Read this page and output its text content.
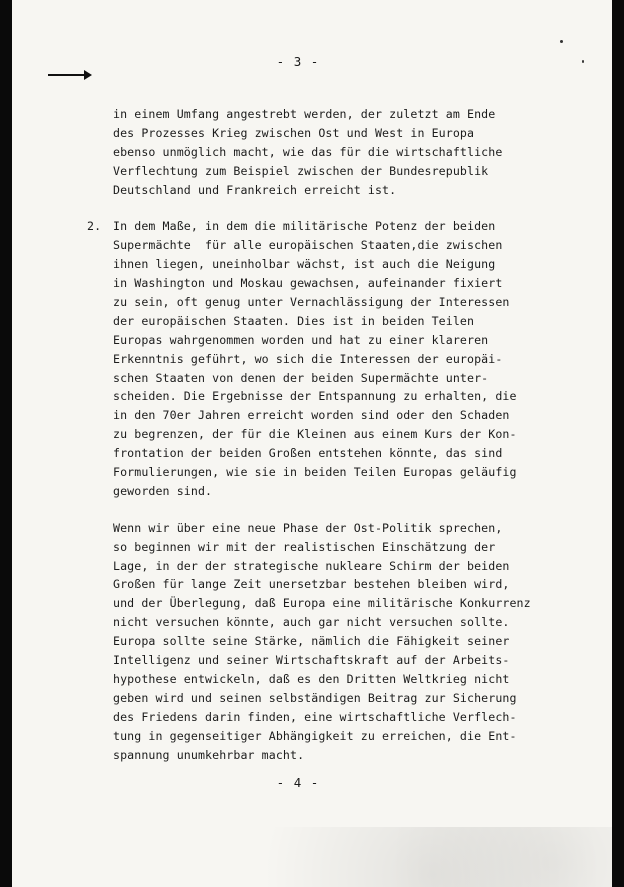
- 3 -
in einem Umfang angestrebt werden, der zuletzt am Ende
des Prozesses Krieg zwischen Ost und West in Europa
ebenso unmöglich macht, wie das für die wirtschaftliche
Verflechtung zum Beispiel zwischen der Bundesrepublik
Deutschland und Frankreich erreicht ist.
2. In dem Maße, in dem die militärische Potenz der beiden
Supermächte  für alle europäischen Staaten,die zwischen
ihnen liegen, uneinholbar wächst, ist auch die Neigung
in Washington und Moskau gewachsen, aufeinander fixiert
zu sein, oft genug unter Vernachlässigung der Interessen
der europäischen Staaten. Dies ist in beiden Teilen
Europas wahrgenommen worden und hat zu einer klareren
Erkenntnis geführt, wo sich die Interessen der europäi-
schen Staaten von denen der beiden Supermächte unter-
scheiden. Die Ergebnisse der Entspannung zu erhalten, die
in den 70er Jahren erreicht worden sind oder den Schaden
zu begrenzen, der für die Kleinen aus einem Kurs der Kon-
frontation der beiden Großen entstehen könnte, das sind
Formulierungen, wie sie in beiden Teilen Europas geläufig
geworden sind.
Wenn wir über eine neue Phase der Ost-Politik sprechen,
so beginnen wir mit der realistischen Einschätzung der
Lage, in der der strategische nukleare Schirm der beiden
Großen für lange Zeit unersetzbar bestehen bleiben wird,
und der Überlegung, daß Europa eine militärische Konkurrenz
nicht versuchen könnte, auch gar nicht versuchen sollte.
Europa sollte seine Stärke, nämlich die Fähigkeit seiner
Intelligenz und seiner Wirtschaftskraft auf der Arbeits-
hypothese entwickeln, daß es den Dritten Weltkrieg nicht
geben wird und seinen selbständigen Beitrag zur Sicherung
des Friedens darin finden, eine wirtschaftliche Verflech-
tung in gegenseitiger Abhängigkeit zu erreichen, die Ent-
spannung unumkehrbar macht.
- 4 -
